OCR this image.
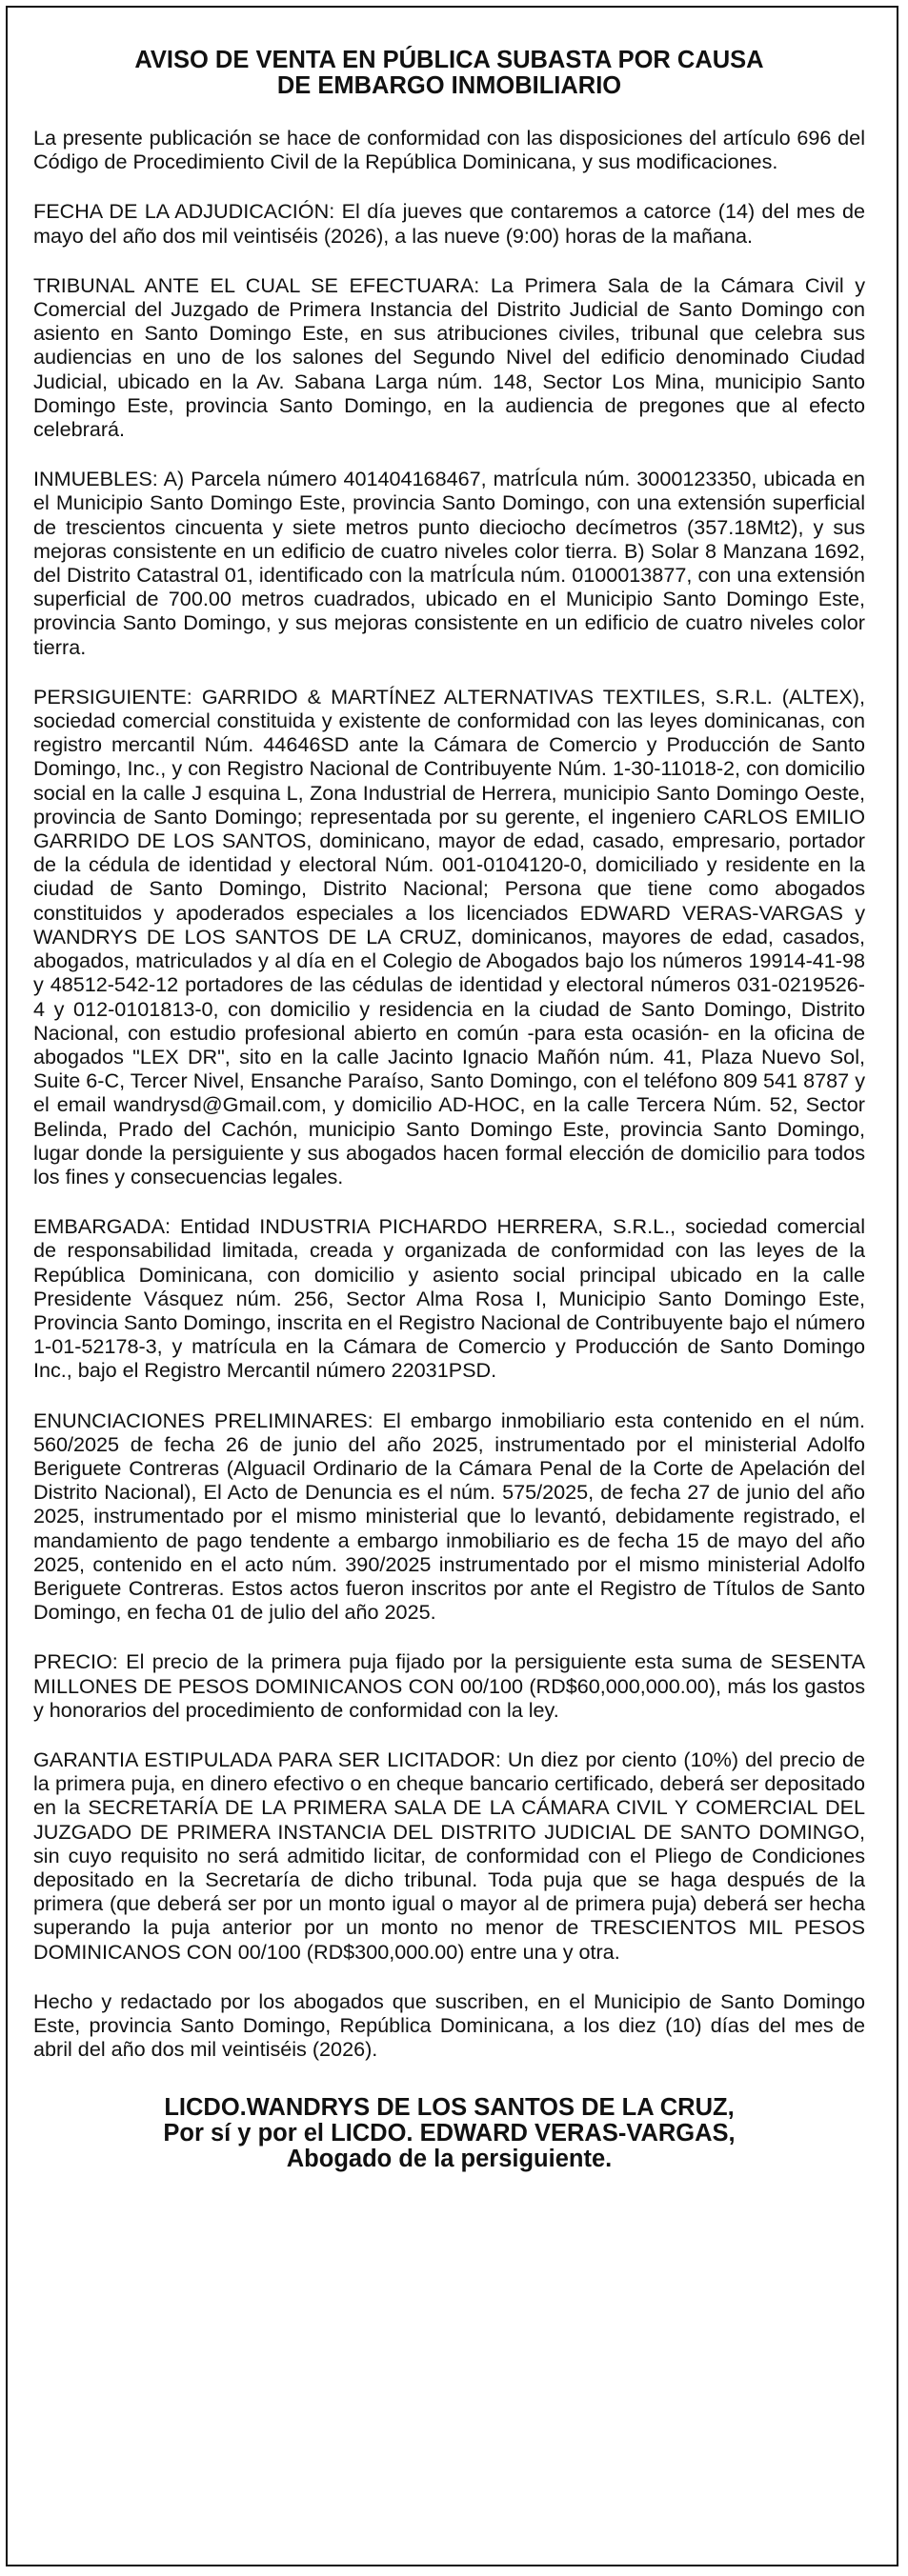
AVISO DE VENTA EN PÚBLICA SUBASTA POR CAUSA
DE EMBARGO INMOBILIARIO

La presente publicación se hace de conformidad con las disposiciones del artículo 696 del Código de Procedimiento Civil de la República Dominicana, y sus modificaciones.

FECHA DE LA ADJUDICACIÓN: El día jueves que contaremos a catorce (14) del mes de mayo del año dos mil veintiséis (2026), a las nueve (9:00) horas de la mañana.

TRIBUNAL ANTE EL CUAL SE EFECTUARA: La Primera Sala de la Cámara Civil y Comercial del Juzgado de Primera Instancia del Distrito Judicial de Santo Domingo con asiento en Santo Domingo Este, en sus atribuciones civiles, tribunal que celebra sus audiencias en uno de los salones del Segundo Nivel del edificio denominado Ciudad Judicial, ubicado en la Av. Sabana Larga núm. 148, Sector Los Mina, municipio Santo Domingo Este, provincia Santo Domingo, en la audiencia de pregones que al efecto celebrará.

INMUEBLES: A) Parcela número 401404168467, matrÍcula núm. 3000123350, ubicada en el Municipio Santo Domingo Este, provincia Santo Domingo, con una extensión superficial de trescientos cincuenta y siete metros punto dieciocho decímetros (357.18Mt2), y sus mejoras consistente en un edificio de cuatro niveles color tierra. B) Solar 8 Manzana 1692, del Distrito Catastral 01, identificado con la matrÍcula núm. 0100013877, con una extensión superficial de 700.00 metros cuadrados, ubicado en el Municipio Santo Domingo Este, provincia Santo Domingo, y sus mejoras consistente en un edificio de cuatro niveles color tierra.

PERSIGUIENTE: GARRIDO & MARTÍNEZ ALTERNATIVAS TEXTILES, S.R.L. (ALTEX), sociedad comercial constituida y existente de conformidad con las leyes dominicanas, con registro mercantil Núm. 44646SD ante la Cámara de Comercio y Producción de Santo Domingo, Inc., y con Registro Nacional de Contribuyente Núm. 1-30-11018-2, con domicilio social en la calle J esquina L, Zona Industrial de Herrera, municipio Santo Domingo Oeste, provincia de Santo Domingo; representada por su gerente, el ingeniero CARLOS EMILIO GARRIDO DE LOS SANTOS, dominicano, mayor de edad, casado, empresario, portador de la cédula de identidad y electoral Núm. 001-0104120-0, domiciliado y residente en la ciudad de Santo Domingo, Distrito Nacional; Persona que tiene como abogados constituidos y apoderados especiales a los licenciados EDWARD VERAS-VARGAS y WANDRYS DE LOS SANTOS DE LA CRUZ, dominicanos, mayores de edad, casados, abogados, matriculados y al día en el Colegio de Abogados bajo los números 19914-41-98 y 48512-542-12 portadores de las cédulas de identidad y electoral números 031-0219526-4 y 012-0101813-0, con domicilio y residencia en la ciudad de Santo Domingo, Distrito Nacional, con estudio profesional abierto en común -para esta ocasión- en la oficina de abogados "LEX DR", sito en la calle Jacinto Ignacio Mañón núm. 41, Plaza Nuevo Sol, Suite 6-C, Tercer Nivel, Ensanche Paraíso, Santo Domingo, con el teléfono 809 541 8787 y el email wandrysd@Gmail.com, y domicilio AD-HOC, en la calle Tercera Núm. 52, Sector Belinda, Prado del Cachón, municipio Santo Domingo Este, provincia Santo Domingo, lugar donde la persiguiente y sus abogados hacen formal elección de domicilio para todos los fines y consecuencias legales.

EMBARGADA: Entidad INDUSTRIA PICHARDO HERRERA, S.R.L., sociedad comercial de responsabilidad limitada, creada y organizada de conformidad con las leyes de la República Dominicana, con domicilio y asiento social principal ubicado en la calle Presidente Vásquez núm. 256, Sector Alma Rosa I, Municipio Santo Domingo Este, Provincia Santo Domingo, inscrita en el Registro Nacional de Contribuyente bajo el número 1-01-52178-3, y matrícula en la Cámara de Comercio y Producción de Santo Domingo Inc., bajo el Registro Mercantil número 22031PSD.

ENUNCIACIONES PRELIMINARES: El embargo inmobiliario esta contenido en el núm. 560/2025 de fecha 26 de junio del año 2025, instrumentado por el ministerial Adolfo Beriguete Contreras (Alguacil Ordinario de la Cámara Penal de la Corte de Apelación del Distrito Nacional), El Acto de Denuncia es el núm. 575/2025, de fecha 27 de junio del año 2025, instrumentado por el mismo ministerial que lo levantó, debidamente registrado, el mandamiento de pago tendente a embargo inmobiliario es de fecha 15 de mayo del año 2025, contenido en el acto núm. 390/2025 instrumentado por el mismo ministerial Adolfo Beriguete Contreras. Estos actos fueron inscritos por ante el Registro de Títulos de Santo Domingo, en fecha 01 de julio del año 2025.

PRECIO: El precio de la primera puja fijado por la persiguiente esta suma de SESENTA MILLONES DE PESOS DOMINICANOS CON 00/100 (RD$60,000,000.00), más los gastos y honorarios del procedimiento de conformidad con la ley.

GARANTIA ESTIPULADA PARA SER LICITADOR: Un diez por ciento (10%) del precio de la primera puja, en dinero efectivo o en cheque bancario certificado, deberá ser depositado en la SECRETARÍA DE LA PRIMERA SALA DE LA CÁMARA CIVIL Y COMERCIAL DEL JUZGADO DE PRIMERA INSTANCIA DEL DISTRITO JUDICIAL DE SANTO DOMINGO, sin cuyo requisito no será admitido licitar, de conformidad con el Pliego de Condiciones depositado en la Secretaría de dicho tribunal. Toda puja que se haga después de la primera (que deberá ser por un monto igual o mayor al de primera puja) deberá ser hecha superando la puja anterior por un monto no menor de TRESCIENTOS MIL PESOS DOMINICANOS CON 00/100 (RD$300,000.00) entre una y otra.

Hecho y redactado por los abogados que suscriben, en el Municipio de Santo Domingo Este, provincia Santo Domingo, República Dominicana, a los diez (10) días del mes de abril del año dos mil veintiséis (2026).

LICDO.WANDRYS DE LOS SANTOS DE LA CRUZ,
Por sí y por el LICDO. EDWARD VERAS-VARGAS,
Abogado de la persiguiente.
